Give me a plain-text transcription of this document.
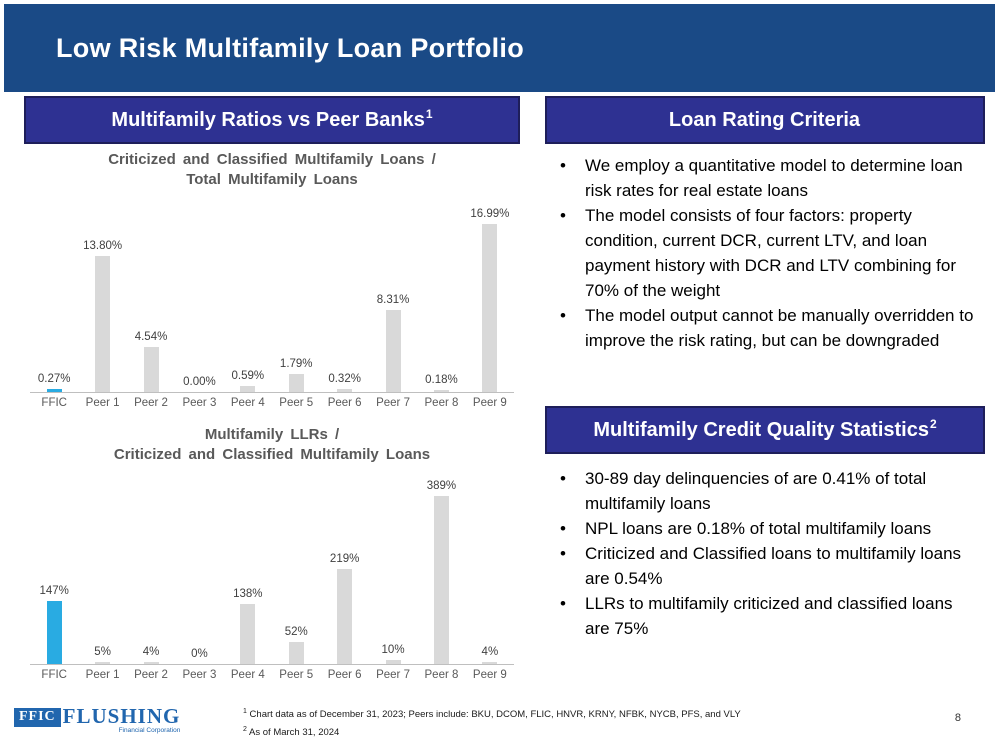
Low Risk Multifamily Loan Portfolio
Multifamily Ratios vs Peer Banks$^1$
Criticized and Classified Multifamily Loans /
Total Multifamily Loans
0.27%
13.80%
4.54%
0.00% 0.59%
1.79%
0.32%
8.31%
0.18%
16.99%
FFIC	Peer 1	Peer 2	Peer 3	Peer 4	Peer 5	Peer 6	Peer 7	Peer 8	Peer 9
Multifamily LLRs /
Criticized and Classified Multifamily Loans
147%
5%	4%	0%
138%
52%
219%
10%
389%
4%
FFIC	Peer 1	Peer 2	Peer 3	Peer 4	Peer 5	Peer 6	Peer 7	Peer 8	Peer 9
Loan Rating Criteria
• We employ a quantitative model to determine loan risk rates for real estate loans
• The model consists of four factors: property condition, current DCR, current LTV, and loan payment history with DCR and LTV combining for 70% of the weight
• The model output cannot be manually overridden to improve the risk rating, but can be downgraded
Multifamily Credit Quality Statistics$^2$
• 30-89 day delinquencies of are 0.41% of total multifamily loans
• NPL loans are 0.18% of total multifamily loans
• Criticized and Classified loans to multifamily loans are 0.54%
• LLRs to multifamily criticized and classified loans are 75%
FFIC FLUSHING
Financial Corporation
$^1$ Chart data as of December 31, 2023; Peers include: BKU, DCOM, FLIC, HNVR, KRNY, NFBK, NYCB, PFS, and VLY
$^2$ As of March 31, 2024
8
